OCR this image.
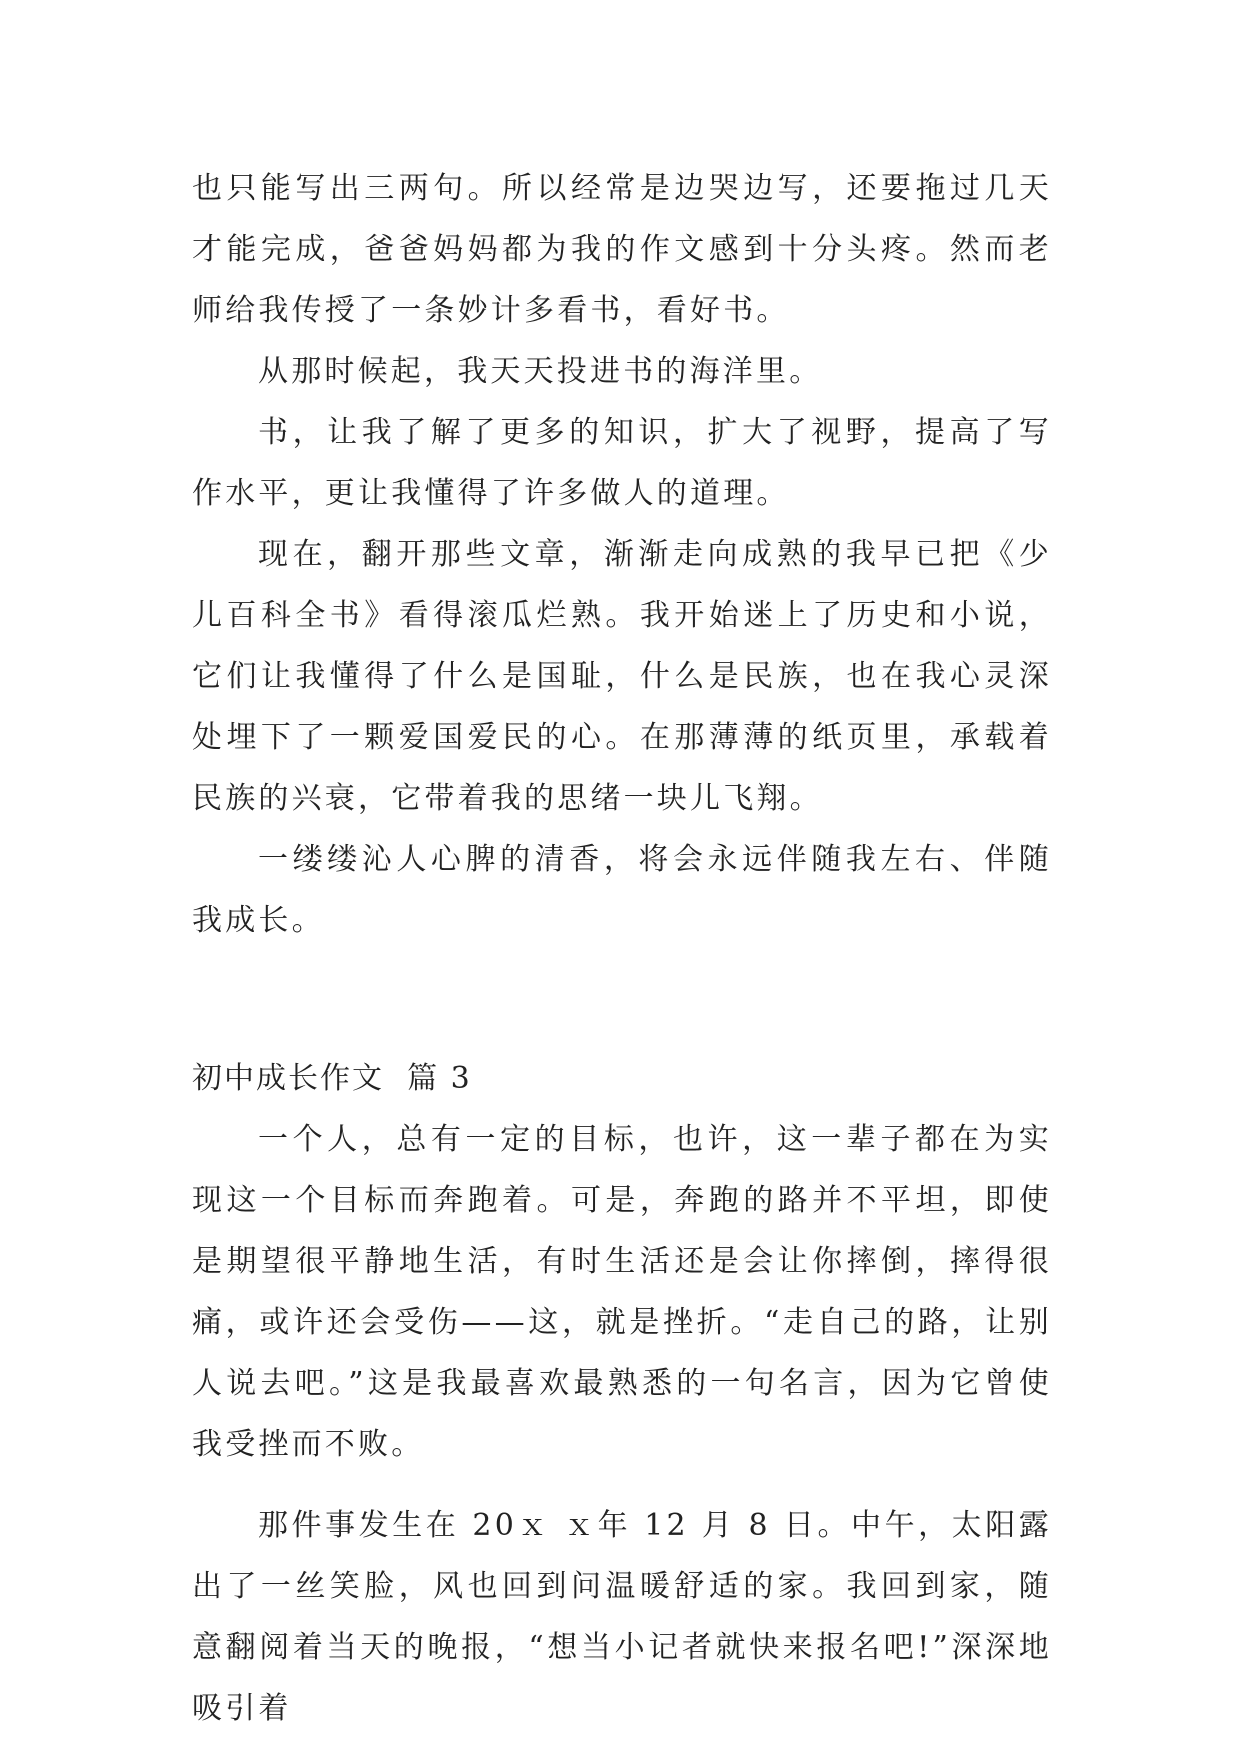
也只能写出三两句。所以经常是边哭边写，还要拖过几天才能完成，爸爸妈妈都为我的作文感到十分头疼。然而老师给我传授了一条妙计多看书，看好书。

从那时候起，我天天投进书的海洋里。

书，让我了解了更多的知识，扩大了视野，提高了写作水平，更让我懂得了许多做人的道理。

现在，翻开那些文章，渐渐走向成熟的我早已把《少儿百科全书》看得滚瓜烂熟。我开始迷上了历史和小说，它们让我懂得了什么是国耻，什么是民族，也在我心灵深处埋下了一颗爱国爱民的心。在那薄薄的纸页里，承载着民族的兴衰，它带着我的思绪一块儿飞翔。

一缕缕沁人心脾的清香，将会永远伴随我左右、伴随我成长。

初中成长作文  篇 3

一个人，总有一定的目标，也许，这一辈子都在为实现这一个目标而奔跑着。可是，奔跑的路并不平坦，即使是期望很平静地生活，有时生活还是会让你摔倒，摔得很痛，或许还会受伤——这，就是挫折。“走自己的路，让别人说去吧。”这是我最喜欢最熟悉的一句名言，因为它曾使我受挫而不败。

那件事发生在 20ｘ ｘ年 12 月 8 日。中午，太阳露出了一丝笑脸，风也回到问温暖舒适的家。我回到家，随意翻阅着当天的晚报，“想当小记者就快来报名吧!”深深地吸引着
